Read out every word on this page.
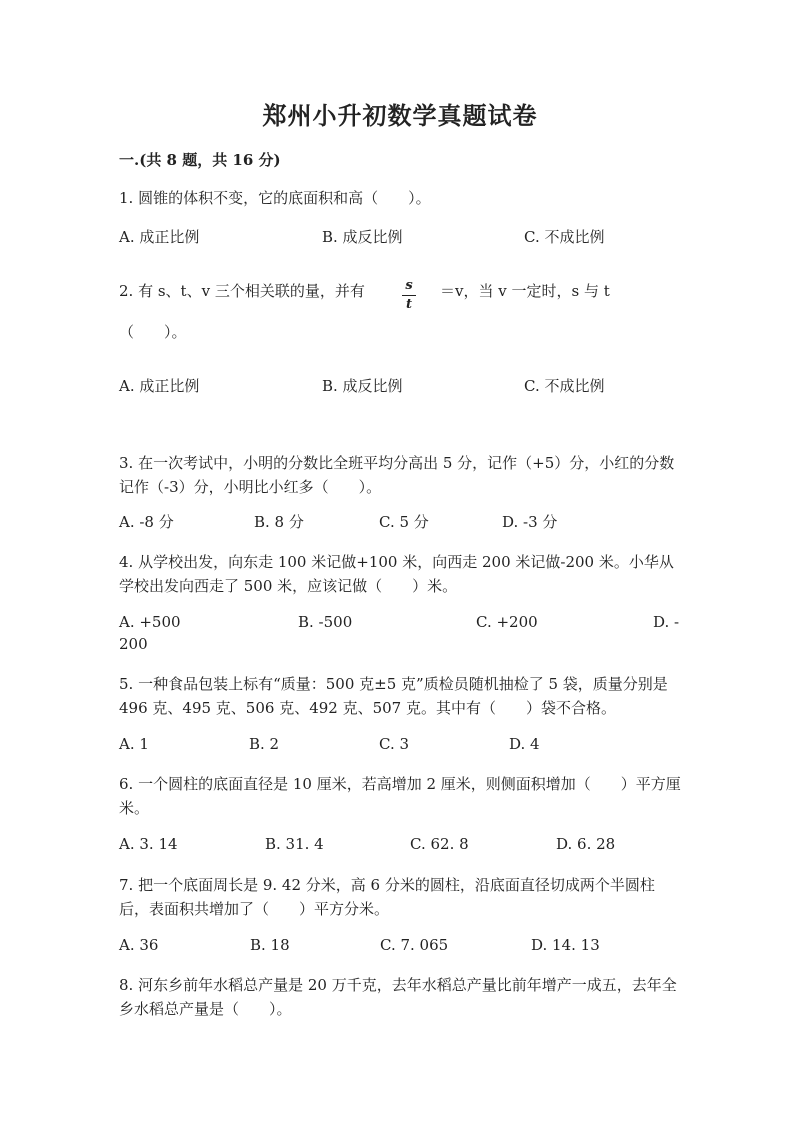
郑州小升初数学真题试卷
一.(共 8 题，共 16 分)
1. 圆锥的体积不变，它的底面积和高（　　）。
A. 成正比例	B. 成反比例	C. 不成比例
2. 有 s、t、v 三个相关联的量，并有	s
t
＝v，当 v 一定时，s 与 t
（　　）。
A. 成正比例	B. 成反比例	C. 不成比例
3. 在一次考试中，小明的分数比全班平均分高出 5 分，记作（+5）分，小红的分数记作（-3）分，小明比小红多（　　）。
A. -8 分	B. 8 分	C. 5 分	D. -3 分
4. 从学校出发，向东走 100 米记做+100 米，向西走 200 米记做-200 米。小华从学校出发向西走了 500 米，应该记做（　　）米。
A. +500	B. -500	C. +200	D. -
200
5. 一种食品包装上标有“质量：500 克±5 克”质检员随机抽检了 5 袋，质量分别是 496 克、495 克、506 克、492 克、507 克。其中有（　　）袋不合格。
A. 1	B. 2	C. 3	D. 4
6. 一个圆柱的底面直径是 10 厘米，若高增加 2 厘米，则侧面积增加（　　）平方厘米。
A. 3. 14	B. 31. 4	C. 62. 8	D. 6. 28
7. 把一个底面周长是 9. 42 分米，高 6 分米的圆柱，沿底面直径切成两个半圆柱后，表面积共增加了（　　）平方分米。
A. 36	B. 18	C. 7. 065	D. 14. 13
8. 河东乡前年水稻总产量是 20 万千克，去年水稻总产量比前年增产一成五，去年全乡水稻总产量是（　　）。
